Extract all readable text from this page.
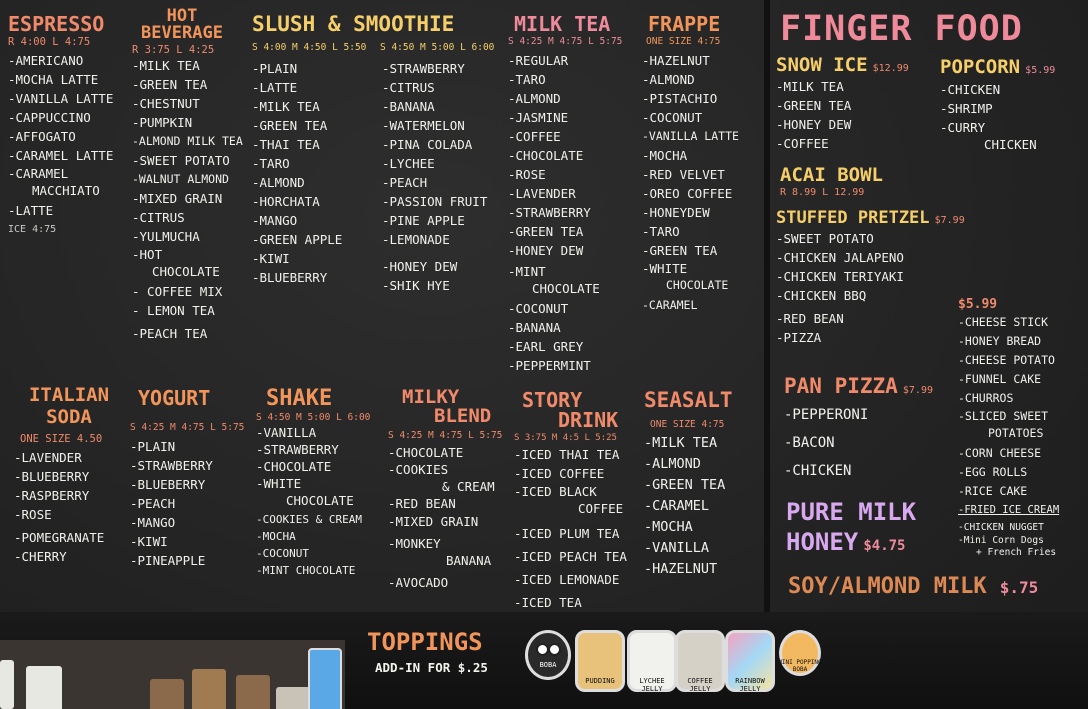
ESPRESSO
R 4:00 L 4:75
-AMERICANO
-MOCHA LATTE
-VANILLA LATTE
-CAPPUCCINO
-AFFOGATO
-CARAMEL LATTE
-CARAMEL
MACCHIATO
-LATTE
ICE 4:75
HOT
BEVERAGE
R 3:75 L 4:25
-MILK TEA
-GREEN TEA
-CHESTNUT
-PUMPKIN
-ALMOND MILK TEA
-SWEET POTATO
-WALNUT ALMOND
-MIXED GRAIN
-CITRUS
-YULMUCHA
-HOT
CHOCOLATE
- COFFEE MIX
- LEMON TEA
-PEACH TEA
SLUSH & SMOOTHIE
S 4:00 M 4:50 L 5:50 S 4:50 M 5:00 L 6:00
-PLAIN
-LATTE
-MILK TEA
-GREEN TEA
-THAI TEA
-TARO
-ALMOND
-HORCHATA
-MANGO
-GREEN APPLE
-KIWI
-BLUEBERRY
-STRAWBERRY
-CITRUS
-BANANA
-WATERMELON
-PINA COLADA
-LYCHEE
-PEACH
-PASSION FRUIT
-PINE APPLE
-LEMONADE
-HONEY DEW
-SHIK HYE
MILK TEA
S 4:25 M 4:75 L 5:75
-REGULAR
-TARO
-ALMOND
-JASMINE
-COFFEE
-CHOCOLATE
-ROSE
-LAVENDER
-STRAWBERRY
-GREEN TEA
-HONEY DEW
-MINT
CHOCOLATE
-COCONUT
-BANANA
-EARL GREY
-PEPPERMINT
FRAPPE
ONE SIZE 4:75
-HAZELNUT
-ALMOND
-PISTACHIO
-COCONUT
-VANILLA LATTE
-MOCHA
-RED VELVET
-OREO COFFEE
-HONEYDEW
-TARO
-GREEN TEA
-WHITE
CHOCOLATE
-CARAMEL
FINGER FOOD
SNOW ICE $12.99
-MILK TEA
-GREEN TEA
-HONEY DEW
-COFFEE
POPCORN $5.99
-CHICKEN
-SHRIMP
-CURRY
CHICKEN
ACAI BOWL
R 8.99 L 12.99
STUFFED PRETZEL $7.99
-SWEET POTATO
-CHICKEN JALAPENO
-CHICKEN TERIYAKI
-CHICKEN BBQ
-RED BEAN
-PIZZA
$5.99
-CHEESE STICK
-HONEY BREAD
-CHEESE POTATO
-FUNNEL CAKE
-CHURROS
-SLICED SWEET
POTATOES
-CORN CHEESE
-EGG ROLLS
-RICE CAKE
-FRIED ICE CREAM
-CHICKEN NUGGET
-Mini Corn Dogs
+ French Fries
PAN PIZZA $7.99
-PEPPERONI
-BACON
-CHICKEN
PURE MILK
HONEY $4.75
SOY/ALMOND MILK $.75
ITALIAN
SODA
ONE SIZE 4.50
-LAVENDER
-BLUEBERRY
-RASPBERRY
-ROSE
-POMEGRANATE
-CHERRY
YOGURT
S 4:25 M 4:75 L 5:75
-PLAIN
-STRAWBERRY
-BLUEBERRY
-PEACH
-MANGO
-KIWI
-PINEAPPLE
SHAKE
S 4:50 M 5:00 L 6:00
-VANILLA
-STRAWBERRY
-CHOCOLATE
-WHITE
CHOCOLATE
-COOKIES & CREAM
-MOCHA
-COCONUT
-MINT CHOCOLATE
MILKY
BLEND
S 4:25 M 4:75 L 5:75
-CHOCOLATE
-COOKIES
& CREAM
-RED BEAN
-MIXED GRAIN
-MONKEY
BANANA
-AVOCADO
STORY
DRINK
S 3:75 M 4:5 L 5:25
-ICED THAI TEA
-ICED COFFEE
-ICED BLACK
COFFEE
-ICED PLUM TEA
-ICED PEACH TEA
-ICED LEMONADE
-ICED TEA
SEASALT
ONE SIZE 4:75
-MILK TEA
-ALMOND
-GREEN TEA
-CARAMEL
-MOCHA
-VANILLA
-HAZELNUT
TOPPINGS
ADD-IN FOR $.25	BOBA
PUDDING	LYCHEE JELLY
COFFEE JELLY
RAINBOW JELLY
MINI POPPING BOBA
